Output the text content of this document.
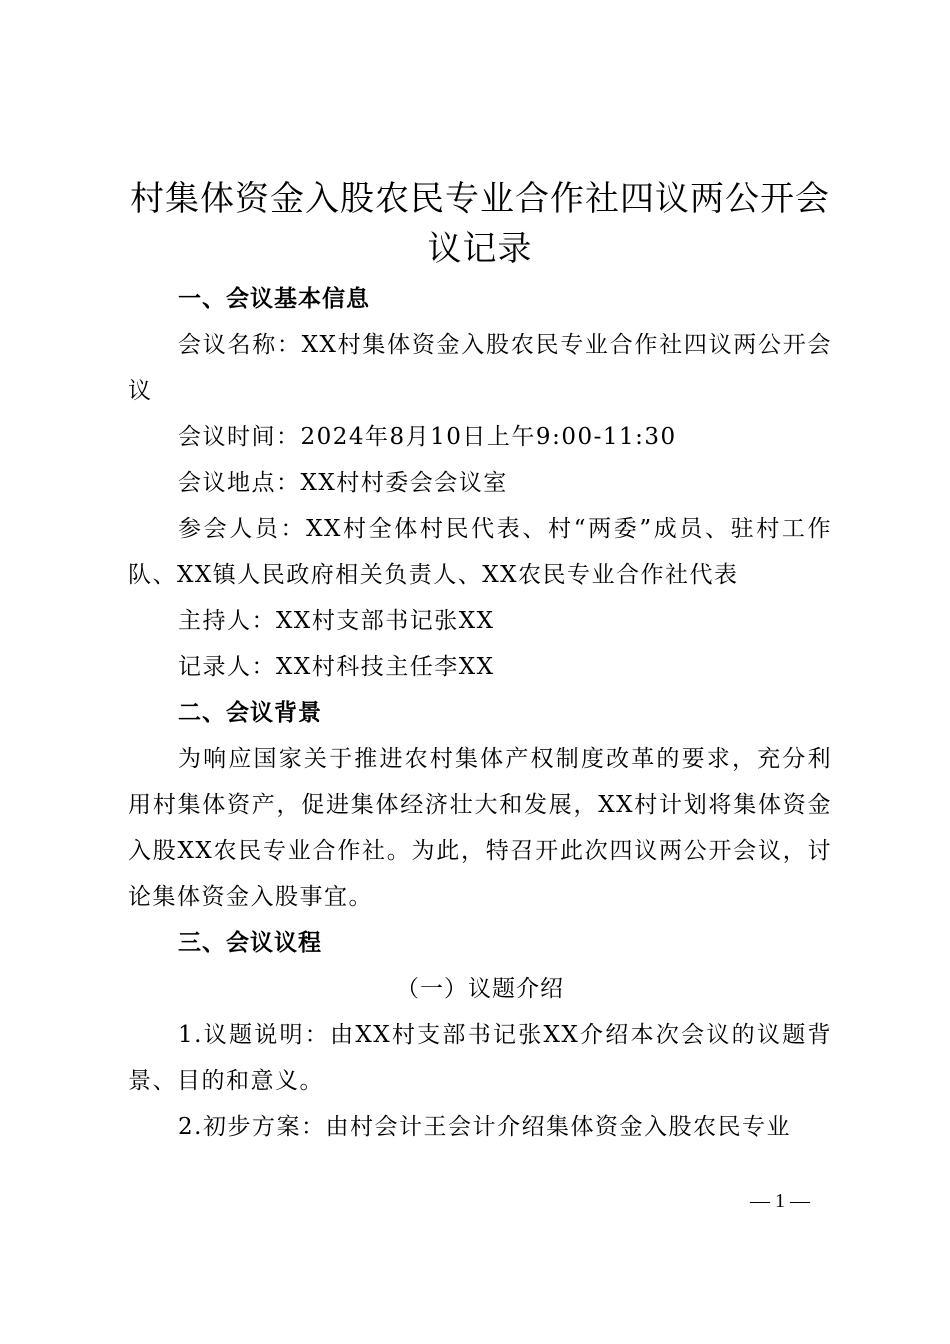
村集体资金入股农民专业合作社四议两公开会议记录

一、会议基本信息

会议名称：XX村集体资金入股农民专业合作社四议两公开会议

会议时间：2024年8月10日上午9:00-11:30

会议地点：XX村村委会会议室

参会人员：XX村全体村民代表、村“两委”成员、驻村工作队、XX镇人民政府相关负责人、XX农民专业合作社代表

主持人：XX村支部书记张XX

记录人：XX村科技主任李XX

二、会议背景

为响应国家关于推进农村集体产权制度改革的要求，充分利用村集体资产，促进集体经济壮大和发展，XX村计划将集体资金入股XX农民专业合作社。为此，特召开此次四议两公开会议，讨论集体资金入股事宜。

三、会议议程

（一）议题介绍

1.议题说明：由XX村支部书记张XX介绍本次会议的议题背景、目的和意义。

2.初步方案：由村会计王会计介绍集体资金入股农民专业

— 1 —
